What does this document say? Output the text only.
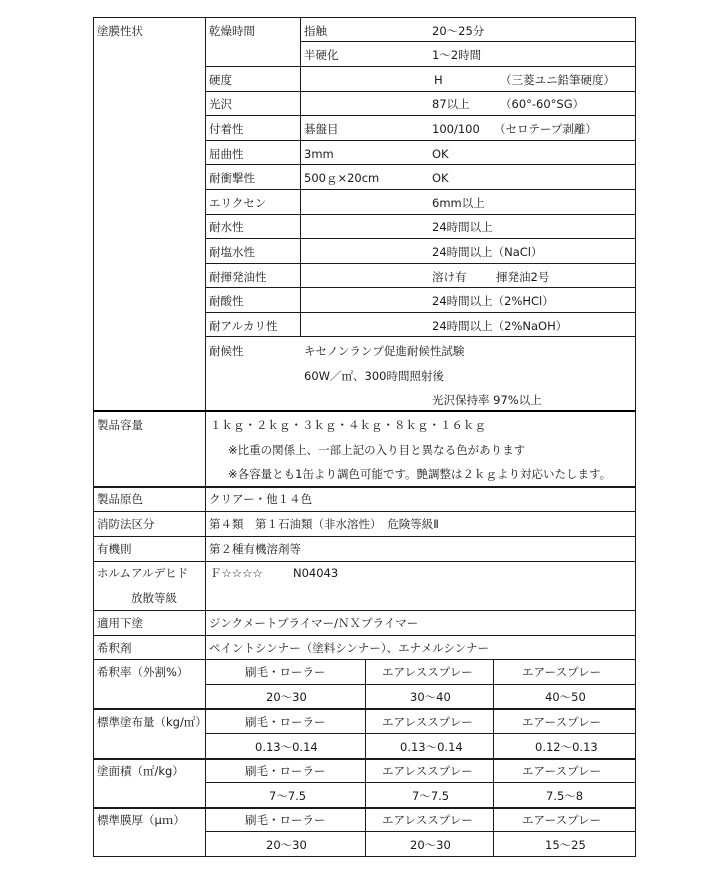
塗膜性状	乾燥時間	指触	20〜25分
半硬化	1〜2時間
硬度	H	（三菱ユニ鉛筆硬度）
光沢	87以上	（60°‐60°SG）
付着性	碁盤目	100/100 （セロテープ剥離）
屈曲性	3mm	OK
耐衝撃性	500ｇ×20cm	OK
エリクセン	6mm以上
耐水性	24時間以上
耐塩水性	24時間以上（NaCl）
耐揮発油性	溶け有	揮発油2号
耐酸性	24時間以上（2%HCl）
耐アルカリ性	24時間以上（2%NaOH）
耐候性	キセノンランプ促進耐候性試験
60W／㎡、300時間照射後
光沢保持率 97%以上
製品容量	１ｋｇ・２ｋｇ・３ｋｇ・４ｋｇ・８ｋｇ・１６ｋｇ
※比重の関係上、一部上記の入り目と異なる色があります
※各容量とも1缶より調色可能です。艶調整は２ｋｇより対応いたします。
製品原色	クリアー・他１４色
消防法区分	第４類　第１石油類（非水溶性）　危険等級Ⅱ
有機則	第２種有機溶剤等
ホルムアルデヒド
放散等級
Ｆ☆☆☆☆	N04043
適用下塗	ジンクメートプライマー/ＮＸプライマー
希釈剤	ペイントシンナー（塗料シンナー）、エナメルシンナー
希釈率（外割%）	刷毛・ローラー	エアレススプレー	エアースプレー
20〜30	30〜40	40〜50
標準塗布量（kg/㎡）	刷毛・ローラー	エアレススプレー	エアースプレー
0.13〜0.14	0.13〜0.14	0.12〜0.13
塗面積（㎡/kg）	刷毛・ローラー	エアレススプレー	エアースプレー
7〜7.5	7〜7.5	7.5〜8
標準膜厚（μｍ）	刷毛・ローラー	エアレススプレー	エアースプレー
20〜30	20〜30	15〜25
